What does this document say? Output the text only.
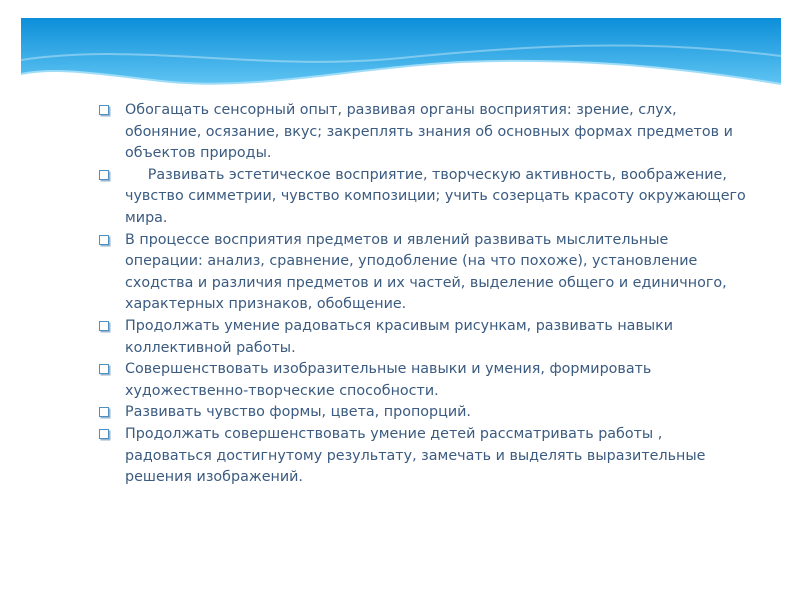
Обогащать сенсорный опыт, развивая органы восприятия: зрение, слух, обоняние, осязание, вкус; закреплять знания об основных формах предметов и объектов природы.
Развивать эстетическое восприятие, творческую активность, воображение, чувство симметрии, чувство композиции; учить созерцать красоту окружающего мира.
В процессе восприятия предметов и явлений развивать мыслительные операции: анализ, сравнение, уподобление (на что похоже), установление сходства и различия предметов и их частей, выделение общего и единичного, характерных признаков, обобщение.
Продолжать умение радоваться красивым рисункам, развивать навыки коллективной работы.
Совершенствовать изобразительные навыки и умения, формировать художественно-творческие способности.
Развивать чувство формы, цвета, пропорций.
Продолжать совершенствовать умение детей рассматривать работы , радоваться достигнутому результату, замечать и выделять выразительные решения изображений.
